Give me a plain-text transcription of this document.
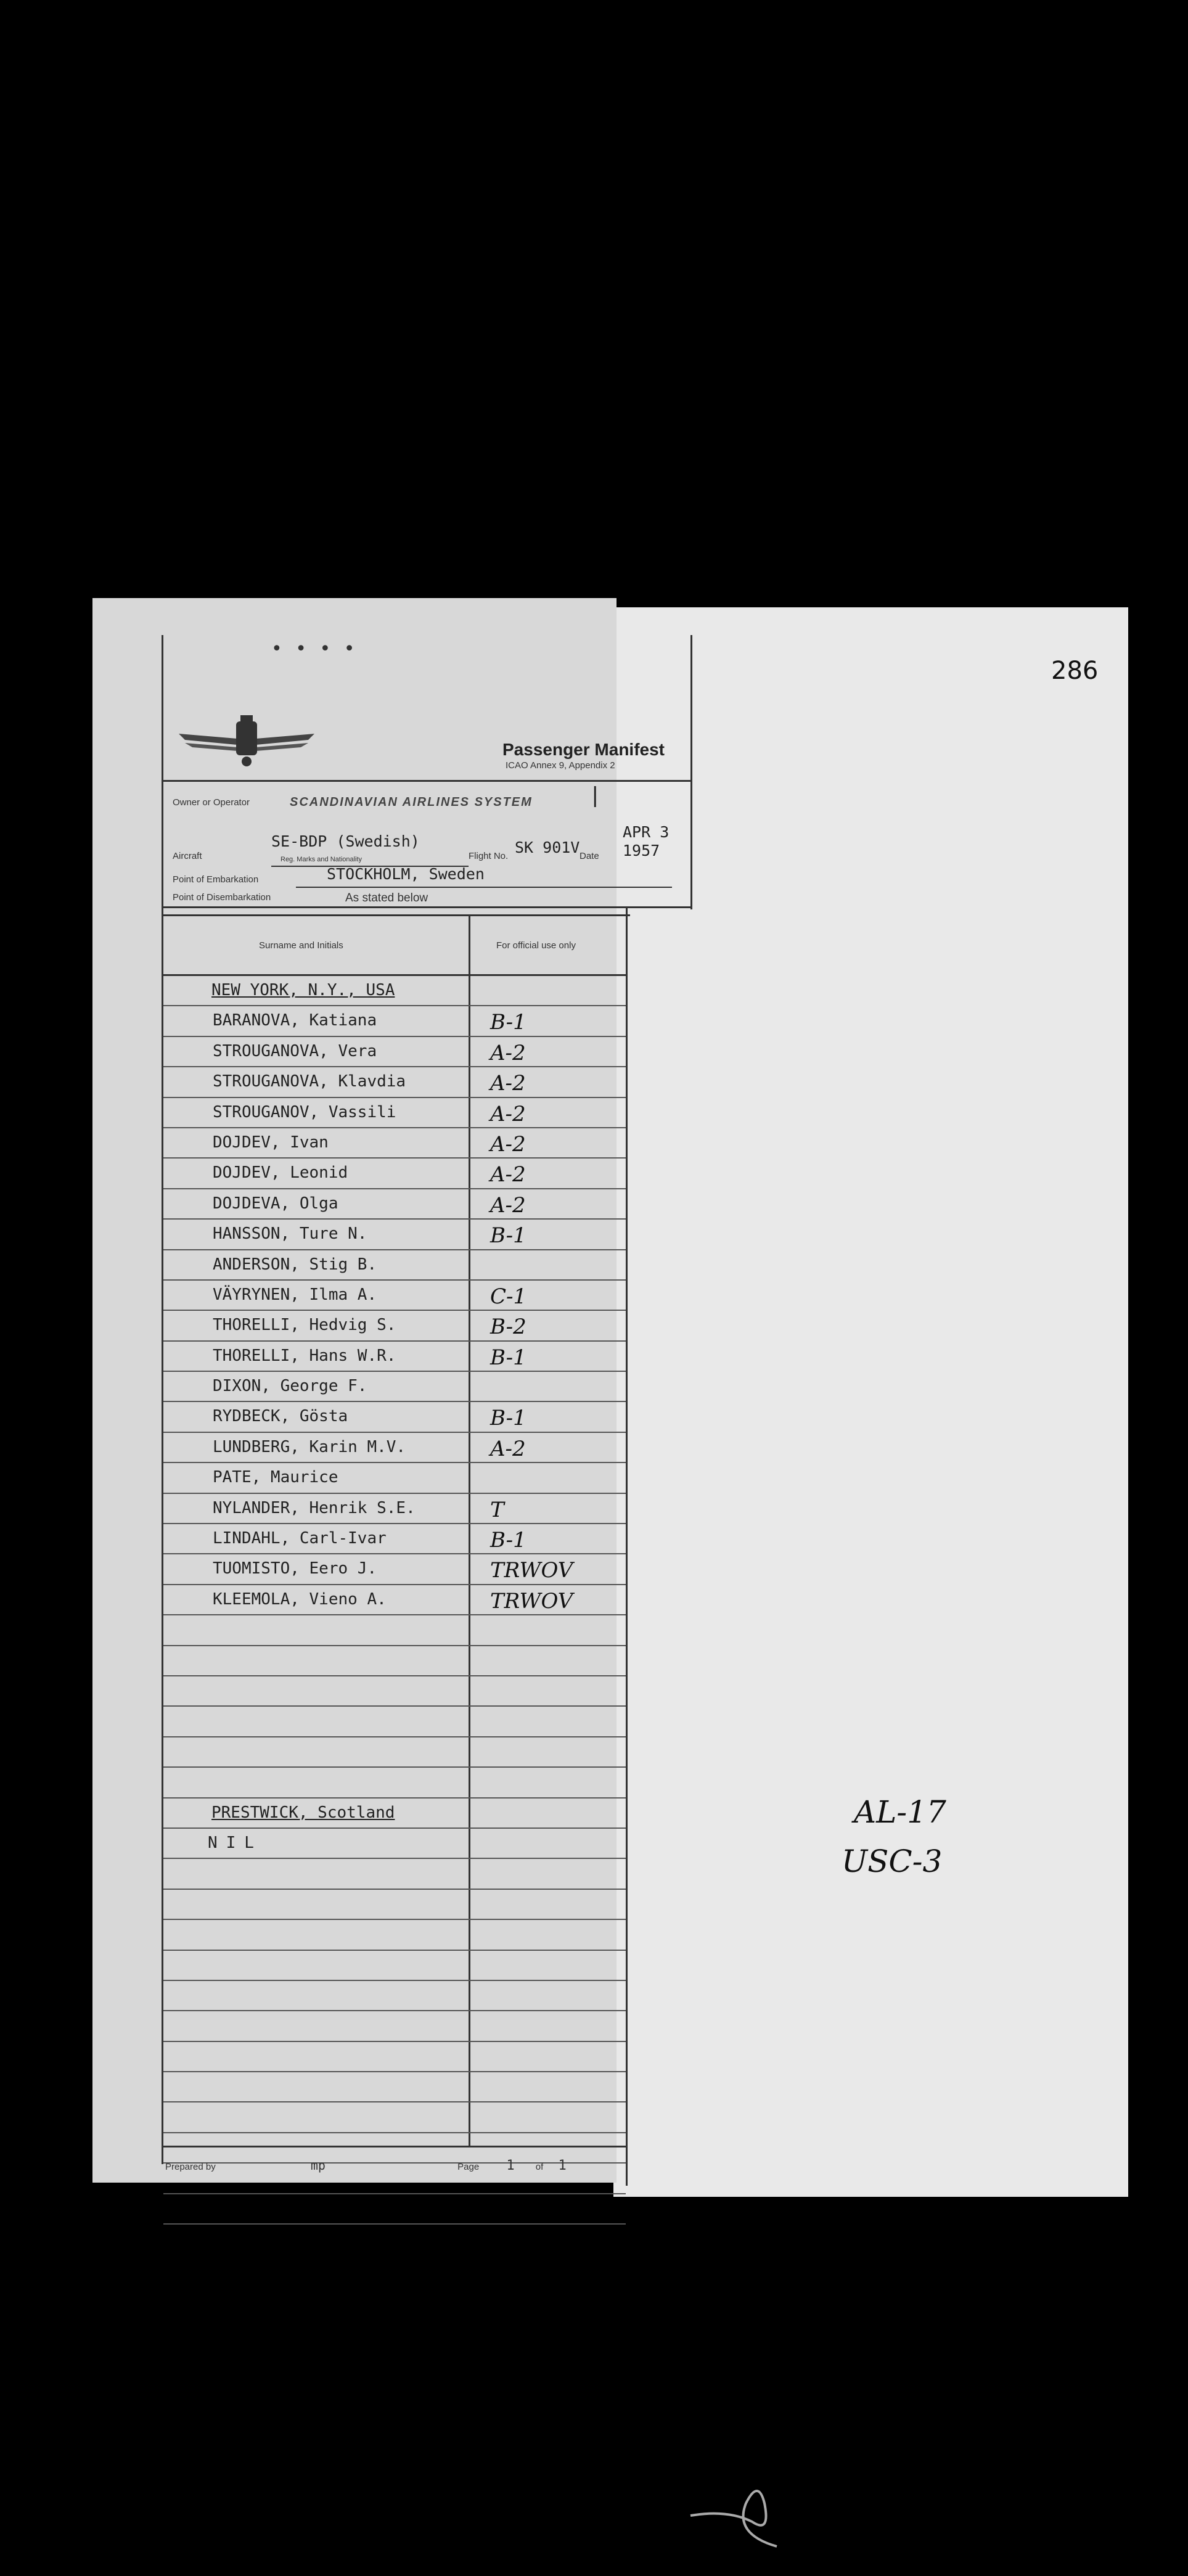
286
• • • •
Passenger Manifest
ICAO Annex 9, Appendix 2
Owner or Operator	SCANDINAVIAN AIRLINES SYSTEM	|
Aircraft
SE-BDP (Swedish)
Reg. Marks and Nationality	Flight No. SK 901V Date
APR 3
1957
Point of Embarkation	STOCKHOLM, Sweden
Point of Disembarkation	As stated below
Surname and Initials	For official use only
NEW YORK, N.Y., USA
BARANOVA, Katiana	B-1
STROUGANOVA, Vera	A-2
STROUGANOVA, Klavdia	A-2
STROUGANOV, Vassili	A-2
DOJDEV, Ivan	A-2
DOJDEV, Leonid	A-2
DOJDEVA, Olga	A-2
HANSSON, Ture N.	B-1
ANDERSON, Stig B.
VÄYRYNEN, Ilma A.	C-1
THORELLI, Hedvig S.	B-2
THORELLI, Hans W.R.	B-1
DIXON, George F.
RYDBECK, Gösta	B-1
LUNDBERG, Karin M.V.	A-2
PATE, Maurice
NYLANDER, Henrik S.E.	T
LINDAHL, Carl-Ivar	B-1
TUOMISTO, Eero J.	TRWOV
KLEEMOLA, Vieno A.	TRWOV
PRESTWICK, Scotland
NIL
Prepared by	mp	Page 1 of 1
AL-17
USC-3
